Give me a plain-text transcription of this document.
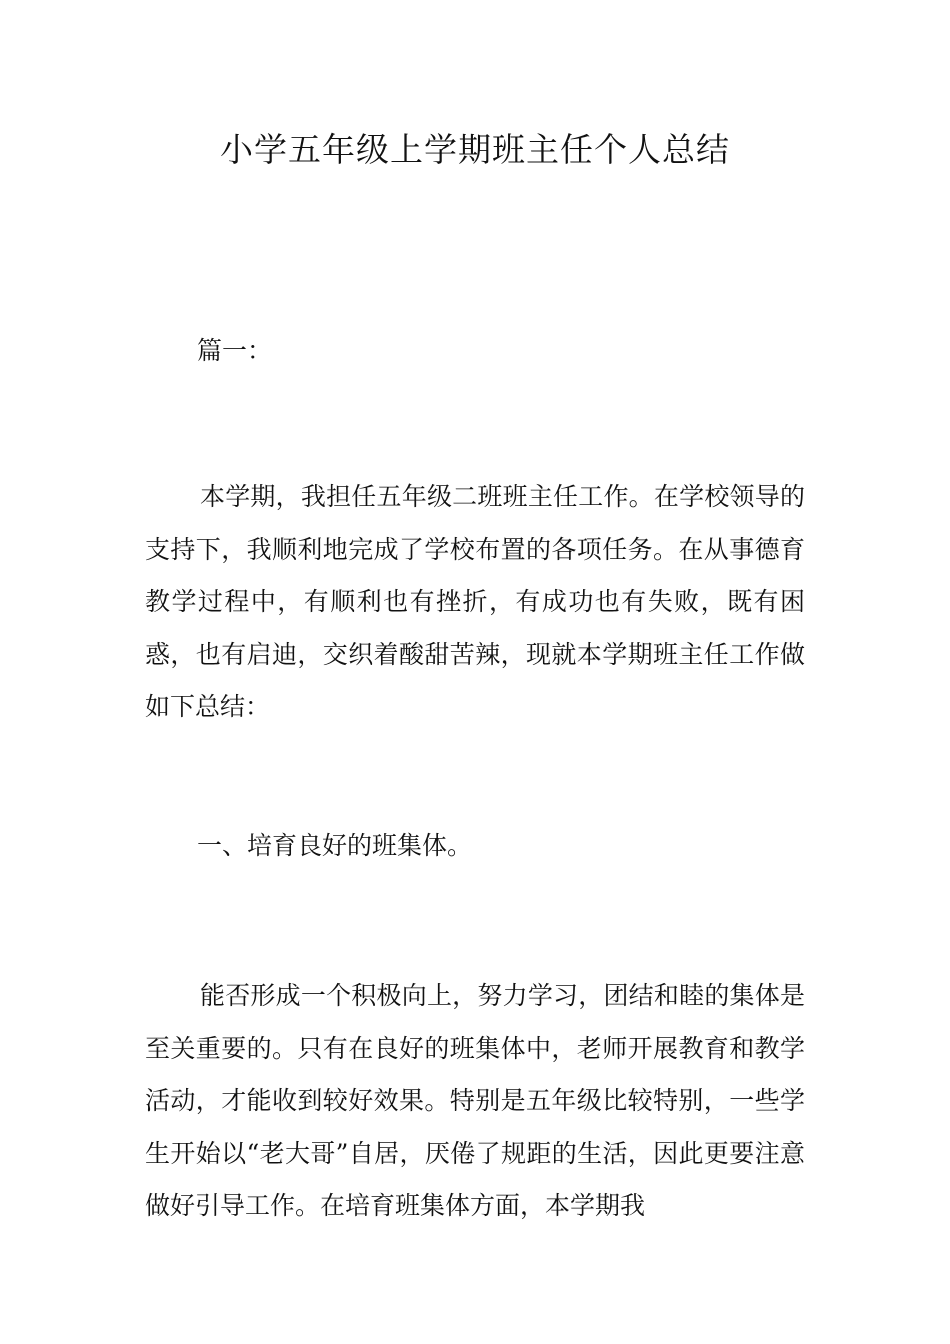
小学五年级上学期班主任个人总结

篇一：

本学期，我担任五年级二班班主任工作。在学校领导的支持下，我顺利地完成了学校布置的各项任务。在从事德育教学过程中，有顺利也有挫折，有成功也有失败，既有困惑，也有启迪，交织着酸甜苦辣，现就本学期班主任工作做如下总结：

一、培育良好的班集体。

能否形成一个积极向上，努力学习，团结和睦的集体是至关重要的。只有在良好的班集体中，老师开展教育和教学活动，才能收到较好效果。特别是五年级比较特别，一些学生开始以“老大哥”自居，厌倦了规距的生活，因此更要注意做好引导工作。在培育班集体方面，本学期我
